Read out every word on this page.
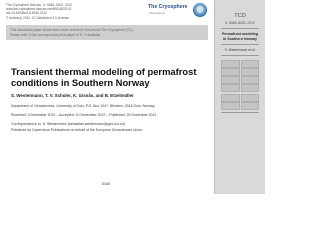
The Cryosphere Discuss., 6, 5345–5403, 2012
www.the-cryosphere-discuss.net/6/5345/2012/
doi:10.5194/tcd-6-5345-2012
© Author(s) 2012. CC Attribution 3.0 License.
The Cryosphere
Discussions
This discussion paper is/has been under review for the journal The Cryosphere (TC).
Please refer to the corresponding final paper in TC if available.
Transient thermal modeling of permafrost
conditions in Southern Norway
S. Westermann, T. V. Schuler, K. Gisnås, and B. Etzelmüller
Department of Geosciences, University of Oslo, P.O. Box 1047, Blindern, 0316 Oslo, Norway
Received: 3 December 2012 – Accepted: 10 December 2012 – Published: 20 December 2012
Correspondence to: S. Westermann (sebastian.westermann@geo.uio.no)
Published by Copernicus Publications on behalf of the European Geosciences Union.
5345
TCD
6, 5345–5403, 2012
Permafrost modeling
in Southern Norway
S. Westermann et al.
